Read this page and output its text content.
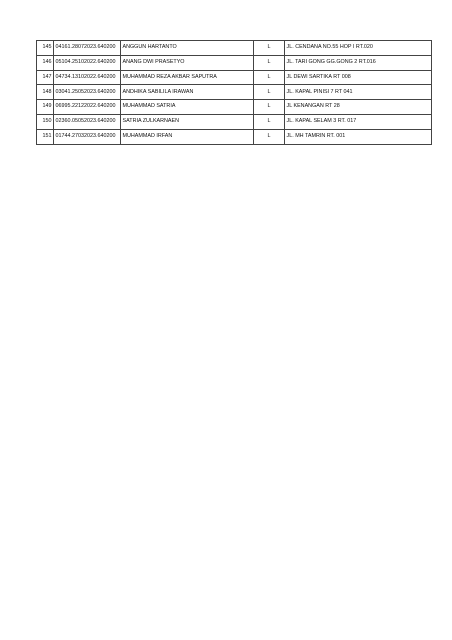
145	04161.28072023.640200	ANGGUN HARTANTO	L	JL. CENDANA NO.55 HOP I RT.020
146	05104.25102022.640200	ANANG DWI PRASETYO	L	JL. TARI GONG GG.GONG 2 RT.016
147	04734.13102022.640200	MUHAMMAD REZA AKBAR SAPUTRA	L	JL DEWI SARTIKA RT 008
148	03041.25052023.640200	ANDHIKA SABILILA IRAWAN	L	JL. KAPAL PINISI 7 RT 041
149	06995.22122022.640200	MUHAMMAD SATRIA	L	JL KENANGAN RT 28
150	02360.05052023.640200	SATRIA ZULKARNAEN	L	JL. KAPAL SELAM 3 RT. 017
151	01744.27032023.640200	MUHAMMAD IRFAN	L	JL. MH TAMRIN RT. 001
